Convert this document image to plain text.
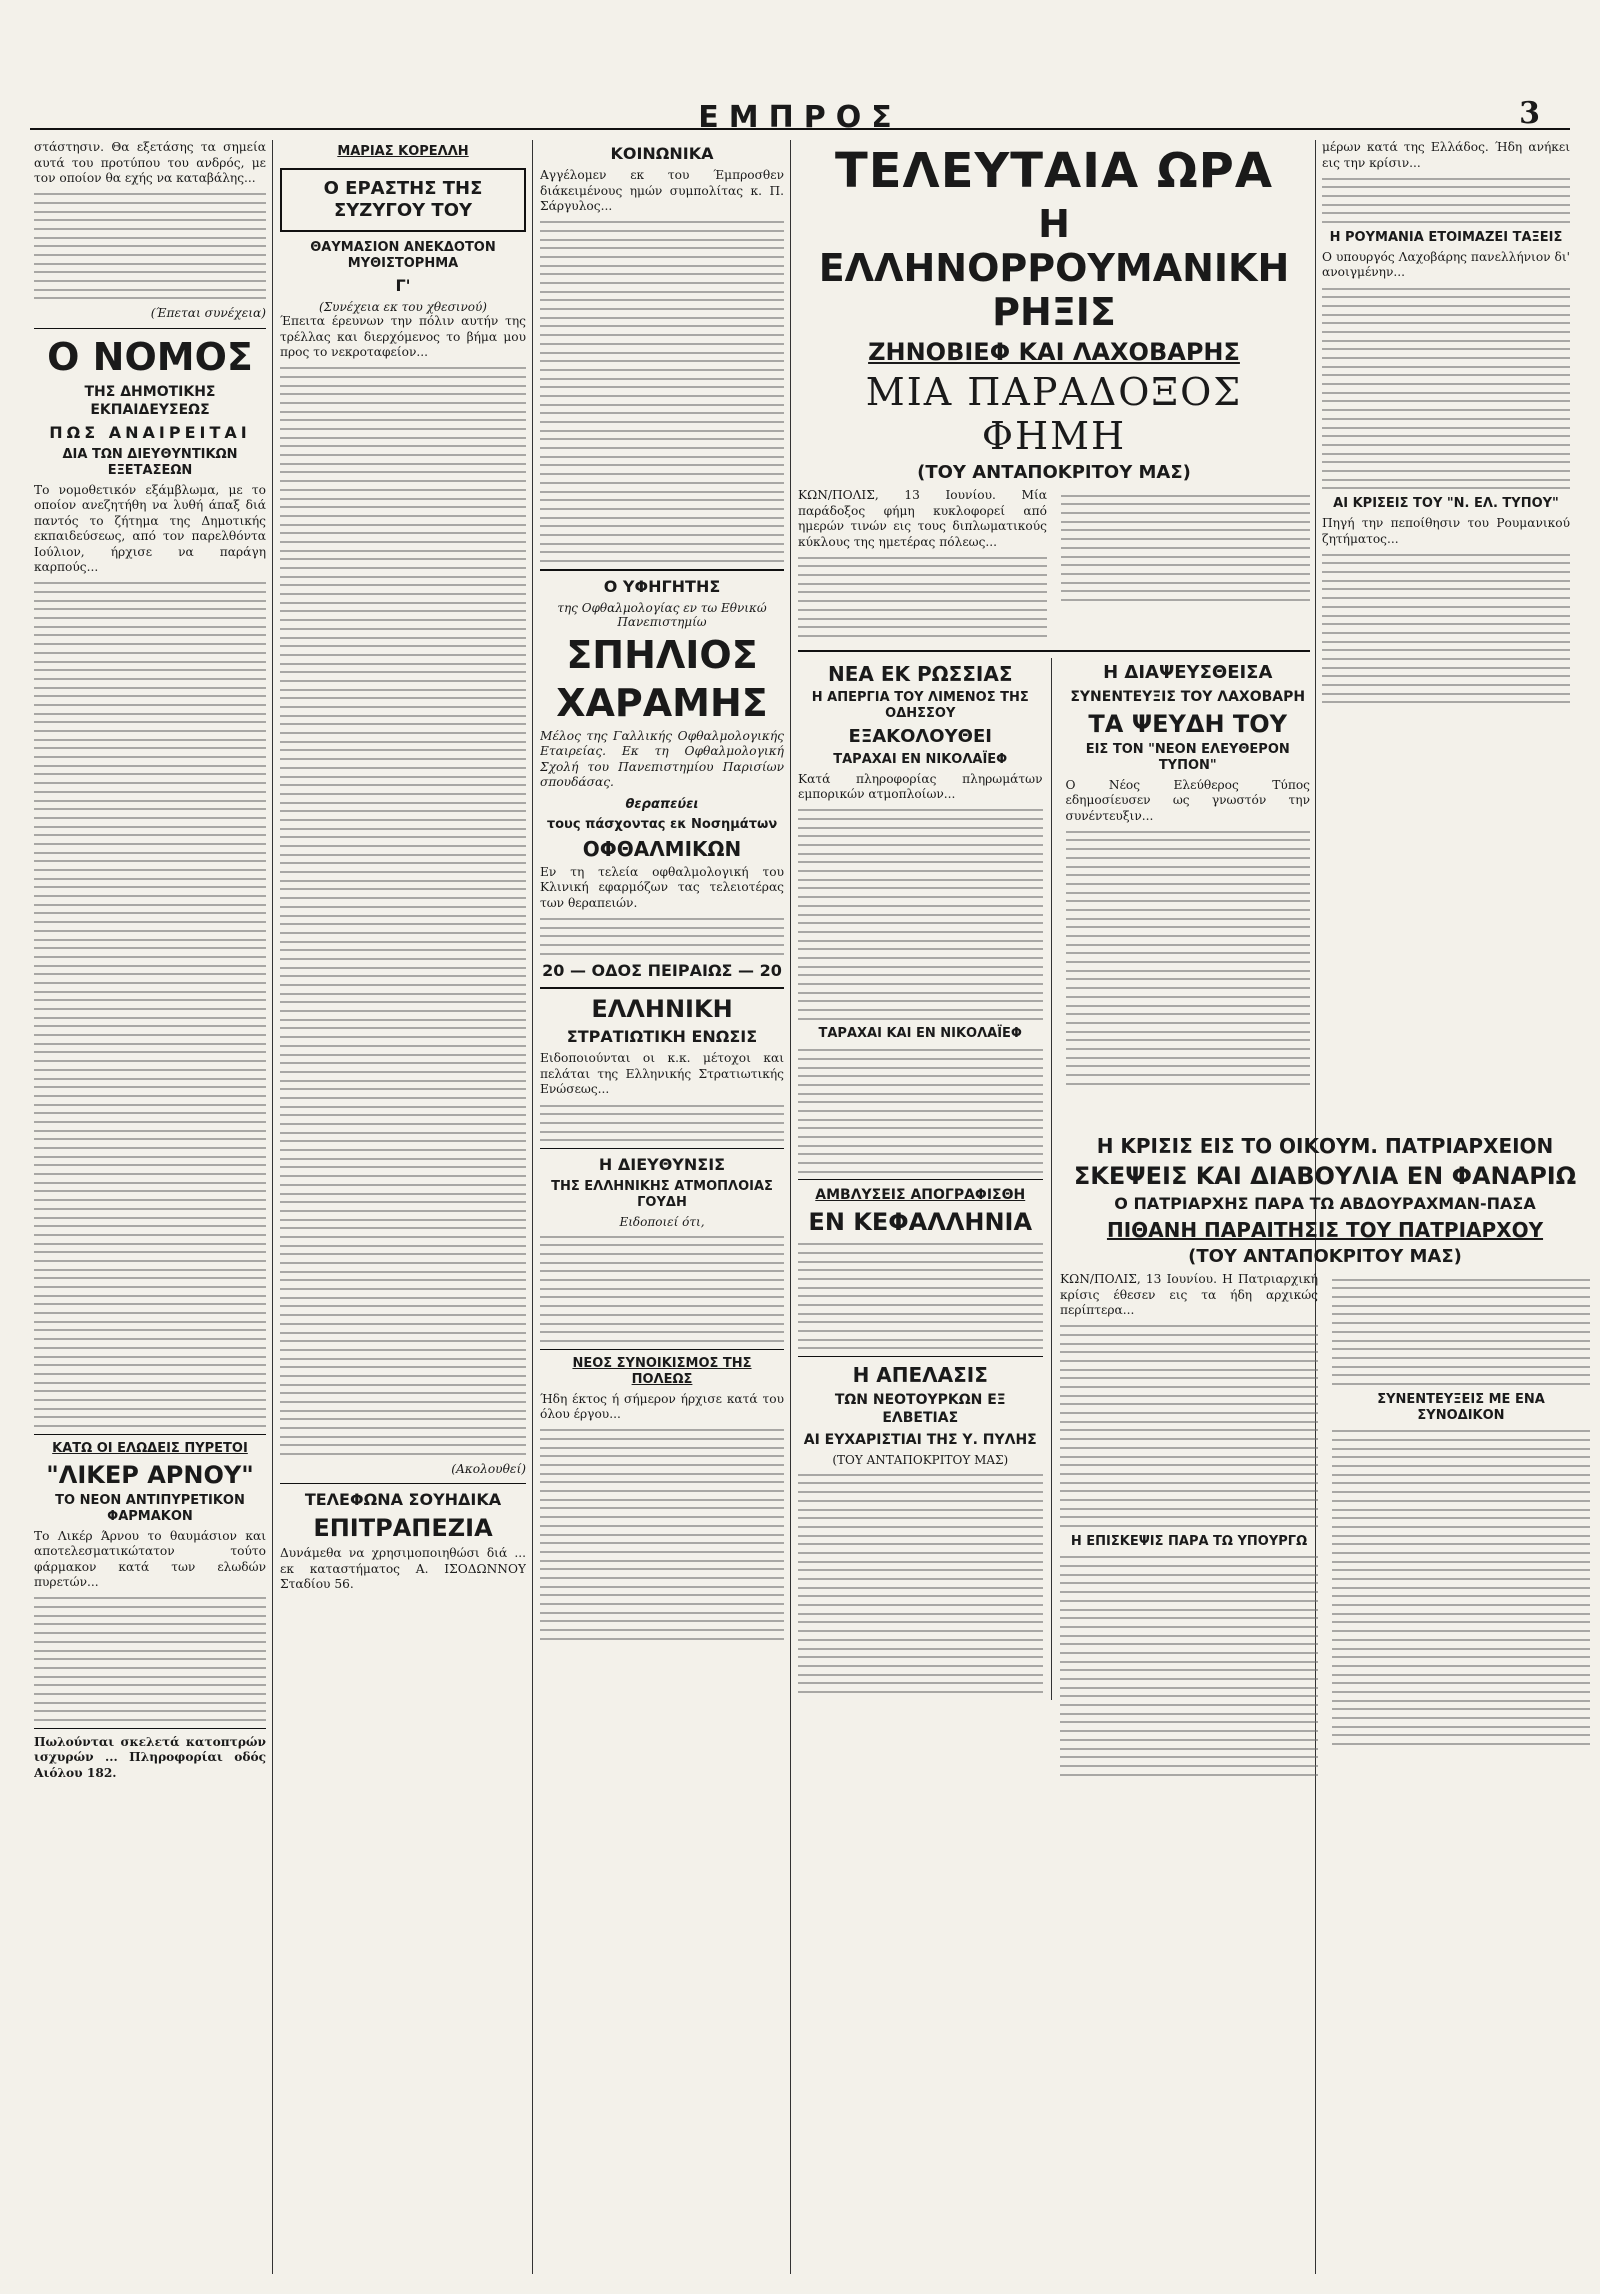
ΕΜΠΡΟΣ	3

στάστησιν. Θα εξετάσης τα σημεία αυτά του προτύπου του ανδρός, με τον οποίον θα εχής να καταβάλης...

(Έπεται συνέχεια)

Ο ΝΟΜΟΣ
ΤΗΣ ΔΗΜΟΤΙΚΗΣ ΕΚΠΑΙΔΕΥΣΕΩΣ
ΠΩΣ ΑΝΑΙΡΕΙΤΑΙ
ΔΙΑ ΤΩΝ ΔΙΕΥΘΥΝΤΙΚΩΝ ΕΞΕΤΑΣΕΩΝ

Το νομοθετικόν εξάμβλωμα, με το οποίον ανεζητήθη να λυθή άπαξ διά παντός το ζήτημα της Δημοτικής εκπαιδεύσεως, από τον παρελθόντα Ιούλιον, ήρχισε να παράγη καρπούς...

ΚΑΤΩ ΟΙ ΕΛΩΔΕΙΣ ΠΥΡΕΤΟΙ
"ΛΙΚΕΡ ΑΡΝΟΥ"
ΤΟ ΝΕΟΝ ΑΝΤΙΠΥΡΕΤΙΚΟΝ ΦΑΡΜΑΚΟΝ

Το Λικέρ Άρνου το θαυμάσιον και αποτελεσματικώτατον τούτο φάρμακον κατά των ελωδών πυρετών...

Πωλούνται σκελετά κατοπτρών ισχυρών ... Πληροφορίαι οδός Αιόλου 182.

ΜΑΡΙΑΣ ΚΟΡΕΛΛΗ
Ο ΕΡΑΣΤΗΣ ΤΗΣ ΣΥΖΥΓΟΥ ΤΟΥ
ΘΑΥΜΑΣΙΟΝ ΑΝΕΚΔΟΤΟΝ ΜΥΘΙΣΤΟΡΗΜΑ
Γ'
(Συνέχεια εκ του χθεσινού)

Έπειτα έρευνων την πόλιν αυτήν της τρέλλας και διερχόμενος το βήμα μου προς το νεκροταφείον...

(Ακολουθεί)

ΤΕΛΕΦΩΝΑ ΣΟΥΗΔΙΚΑ
ΕΠΙΤΡΑΠΕΖΙΑ

Δυνάμεθα να χρησιμοποιηθώσι διά ... εκ καταστήματος Α. ΙΣΟΔΩΝΝΟΥ Σταδίου 56.

ΚΟΙΝΩΝΙΚΑ

Αγγέλομεν εκ του Έμπροσθεν διάκειμένους ημών συμπολίτας κ. Π. Σάργυλος...

Ο ΥΦΗΓΗΤΗΣ
της Οφθαλμολογίας εν τω Εθνικώ Πανεπιστημίω
ΣΠΗΛΙΟΣ
ΧΑΡΑΜΗΣ

Μέλος της Γαλλικής Οφθαλμολογικής Εταιρείας. Εκ τη Οφθαλμολογική Σχολή του Πανεπιστημίου Παρισίων σπουδάσας.

θεραπεύει
τους πάσχοντας εκ Νοσημάτων
ΟΦΘΑΛΜΙΚΩΝ

Εν τη τελεία οφθαλμολογική του Κλινική εφαρμόζων τας τελειοτέρας των θεραπειών.

20 — ΟΔΟΣ ΠΕΙΡΑΙΩΣ — 20
ΕΛΛΗΝΙΚΗ
ΣΤΡΑΤΙΩΤΙΚΗ ΕΝΩΣΙΣ

Ειδοποιούνται οι κ.κ. μέτοχοι και πελάται της Ελληνικής Στρατιωτικής Ενώσεως...

Η ΔΙΕΥΘΥΝΣΙΣ
ΤΗΣ ΕΛΛΗΝΙΚΗΣ ΑΤΜΟΠΛΟΙΑΣ ΓΟΥΔΗ
Ειδοποιεί ότι,
ΝΕΟΣ ΣΥΝΟΙΚΙΣΜΟΣ ΤΗΣ ΠΟΛΕΩΣ

Ήδη έκτος ή σήμερον ήρχισε κατά του όλου έργου...

ΤΕΛΕΥΤΑΙΑ ΩΡΑ
Η ΕΛΛΗΝΟΡΡΟΥΜΑΝΙΚΗ ΡΗΞΙΣ
ΖΗΝΟΒΙΕΦ ΚΑΙ ΛΑΧΟΒΑΡΗΣ
ΜΙΑ ΠΑΡΑΔΟΞΟΣ ΦΗΜΗ
(ΤΟΥ ΑΝΤΑΠΟΚΡΙΤΟΥ ΜΑΣ)

ΚΩΝ/ΠΟΛΙΣ, 13 Ιουνίου. Μία παράδοξος φήμη κυκλοφορεί από ημερών τινών εις τους διπλωματικούς κύκλους της ημετέρας πόλεως...

ΝΕΑ ΕΚ ΡΩΣΣΙΑΣ
Η ΑΠΕΡΓΙΑ ΤΟΥ ΛΙΜΕΝΟΣ ΤΗΣ ΟΔΗΣΣΟΥ
ΕΞΑΚΟΛΟΥΘΕΙ
ΤΑΡΑΧΑΙ ΕΝ ΝΙΚΟΛΑΪΕΦ

Κατά πληροφορίας πληρωμάτων εμπορικών ατμοπλοίων...

ΤΑΡΑΧΑΙ ΚΑΙ ΕΝ ΝΙΚΟΛΑΪΕΦ
ΑΜΒΛΥΣΕΙΣ ΑΠΟΓΡΑΦΙΣΘΗ
ΕΝ ΚΕΦΑΛΛΗΝΙΑ
Η ΑΠΕΛΑΣΙΣ
ΤΩΝ ΝΕΟΤΟΥΡΚΩΝ ΕΞ ΕΛΒΕΤΙΑΣ
ΑΙ ΕΥΧΑΡΙΣΤΙΑΙ ΤΗΣ Υ. ΠΥΛΗΣ
(ΤΟΥ ΑΝΤΑΠΟΚΡΙΤΟΥ ΜΑΣ)
Η ΔΙΑΨΕΥΣΘΕΙΣΑ
ΣΥΝΕΝΤΕΥΞΙΣ ΤΟΥ ΛΑΧΟΒΑΡΗ
ΤΑ ΨΕΥΔΗ ΤΟΥ
ΕΙΣ ΤΟΝ "ΝΕΟΝ ΕΛΕΥΘΕΡΟΝ ΤΥΠΟΝ"

Ο Νέος Ελεύθερος Τύπος εδημοσίευσεν ως γνωστόν την συνέντευξιν...

Η ΚΡΙΣΙΣ ΕΙΣ ΤΟ ΟΙΚΟΥΜ. ΠΑΤΡΙΑΡΧΕΙΟΝ
ΣΚΕΨΕΙΣ ΚΑΙ ΔΙΑΒΟΥΛΙΑ ΕΝ ΦΑΝΑΡΙΩ
Ο ΠΑΤΡΙΑΡΧΗΣ ΠΑΡΑ ΤΩ ΑΒΔΟΥΡΑΧΜΑΝ-ΠΑΣΑ
ΠΙΘΑΝΗ ΠΑΡΑΙΤΗΣΙΣ ΤΟΥ ΠΑΤΡΙΑΡΧΟΥ
(ΤΟΥ ΑΝΤΑΠΟΚΡΙΤΟΥ ΜΑΣ)

ΚΩΝ/ΠΟΛΙΣ, 13 Ιουνίου. Η Πατριαρχική κρίσις έθεσεν εις τα ήδη αρχικώς περίπτερα...

Η ΕΠΙΣΚΕΨΙΣ ΠΑΡΑ ΤΩ ΥΠΟΥΡΓΩ
ΣΥΝΕΝΤΕΥΞΕΙΣ ΜΕ ΕΝΑ ΣΥΝΟΔΙΚΟΝ

μέρων κατά της Ελλάδος. Ήδη ανήκει εις την κρίσιν...

Η ΡΟΥΜΑΝΙΑ ΕΤΟΙΜΑΖΕΙ ΤΑΞΕΙΣ

Ο υπουργός Λαχοβάρης πανελλήνιον δι' ανοιγμένην...

ΑΙ ΚΡΙΣΕΙΣ ΤΟΥ "Ν. ΕΛ. ΤΥΠΟΥ"

Πηγή την πεποίθησιν του Ρουμανικού ζητήματος...
